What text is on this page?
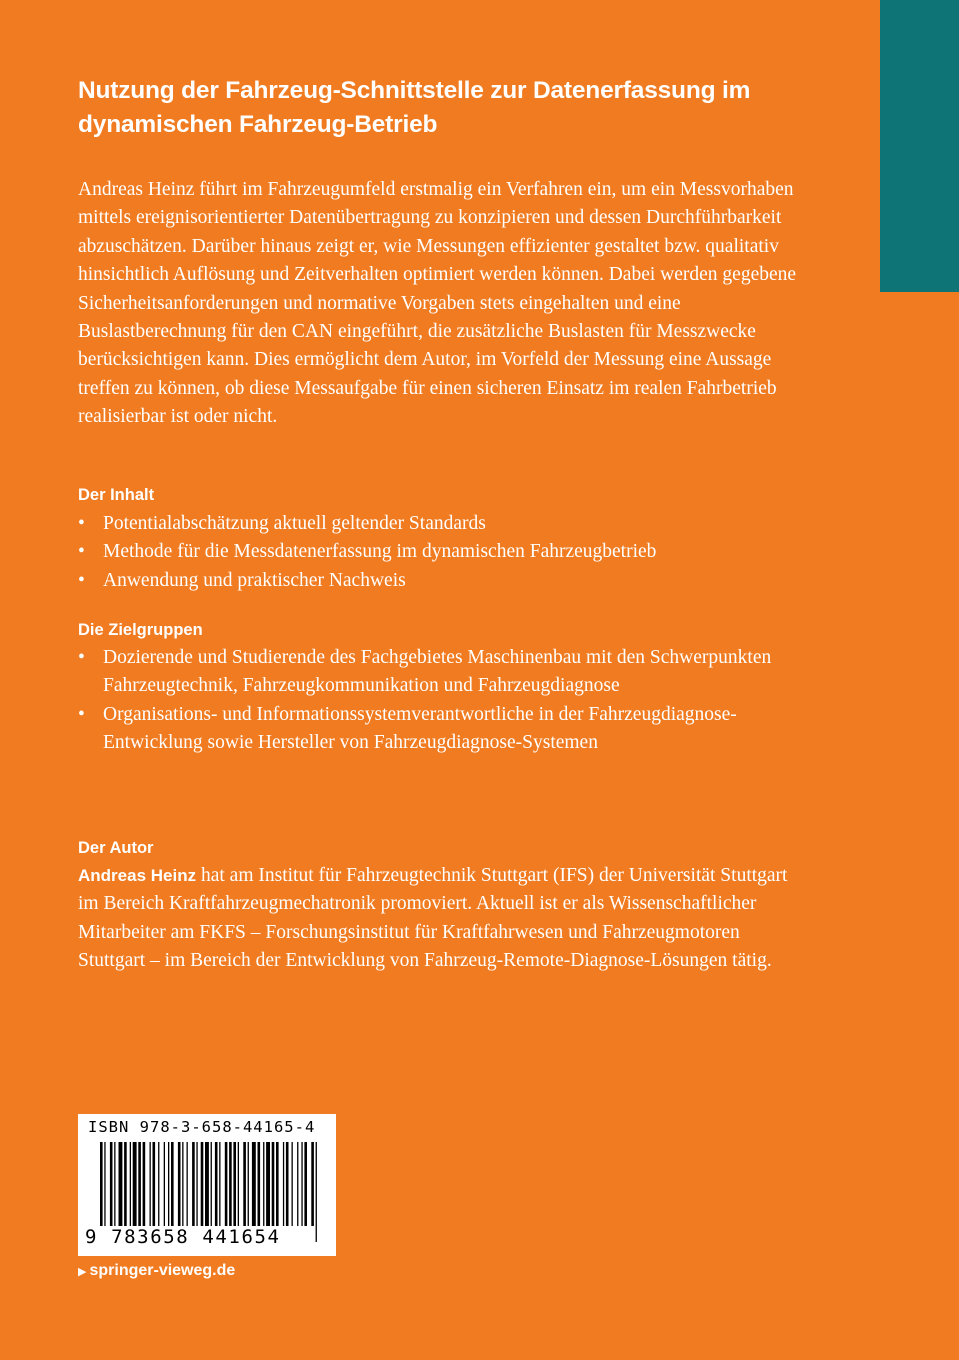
Nutzung der Fahrzeug-Schnittstelle zur Datenerfassung im dynamischen Fahrzeug-Betrieb

Andreas Heinz führt im Fahrzeugumfeld erstmalig ein Verfahren ein, um ein Messvorhaben mittels ereignisorientierter Datenübertragung zu konzipieren und dessen Durchführbarkeit abzuschätzen. Darüber hinaus zeigt er, wie Messungen effizienter gestaltet bzw. qualitativ hinsichtlich Auflösung und Zeitverhalten optimiert werden können. Dabei werden gegebene Sicherheitsanforderungen und normative Vorgaben stets eingehalten und eine Buslastberechnung für den CAN eingeführt, die zusätzliche Buslasten für Messzwecke berücksichtigen kann. Dies ermöglicht dem Autor, im Vorfeld der Messung eine Aussage treffen zu können, ob diese Messaufgabe für einen sicheren Einsatz im realen Fahrbetrieb realisierbar ist oder nicht.

Der Inhalt
• Potentialabschätzung aktuell geltender Standards
• Methode für die Messdatenerfassung im dynamischen Fahrzeugbetrieb
• Anwendung und praktischer Nachweis
Die Zielgruppen
• Dozierende und Studierende des Fachgebietes Maschinenbau mit den Schwerpunkten Fahrzeugtechnik, Fahrzeugkommunikation und Fahrzeugdiagnose
• Organisations- und Informationssystemverantwortliche in der Fahrzeugdiagnose-Entwicklung sowie Hersteller von Fahrzeugdiagnose-Systemen
Der Autor

Andreas Heinz hat am Institut für Fahrzeugtechnik Stuttgart (IFS) der Universität Stuttgart im Bereich Kraftfahrzeugmechatronik promoviert. Aktuell ist er als Wissenschaftlicher Mitarbeiter am FKFS – Forschungsinstitut für Kraftfahrwesen und Fahrzeugmotoren Stuttgart – im Bereich der Entwicklung von Fahrzeug-Remote-Diagnose-Lösungen tätig.

ISBN 978-3-658-44165-4
9 783658 441654
▶ springer-vieweg.de
